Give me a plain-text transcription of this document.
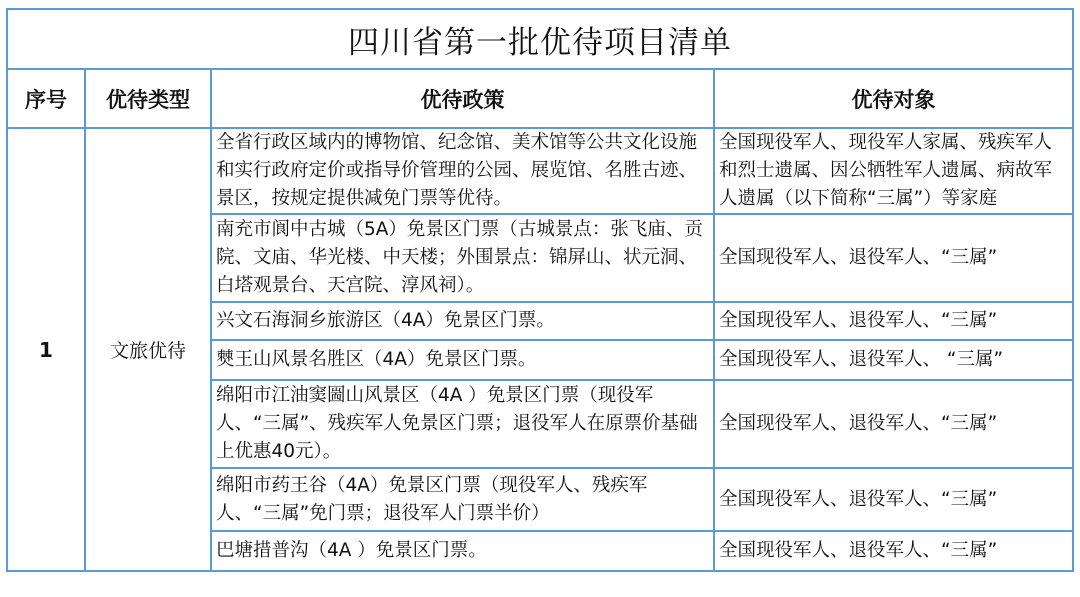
四川省第一批优待项目清单			
序号	优待类型	优待政策	优待对象
1	文旅优待	全省行政区域内的博物馆、纪念馆、美术馆等公共文化设施和实行政府定价或指导价管理的公园、展览馆、名胜古迹、景区，按规定提供减免门票等优待。	全国现役军人、现役军人家属、残疾军人和烈士遗属、因公牺牲军人遗属、病故军人遗属（以下简称“三属”）等家庭
		南充市阆中古城（5A）免景区门票（古城景点：张飞庙、贡院、文庙、华光楼、中天楼；外围景点：锦屏山、状元洞、白塔观景台、天宫院、淳风祠）。	全国现役军人、退役军人、“三属”
		兴文石海洞乡旅游区（4A）免景区门票。	全国现役军人、退役军人、“三属”
		僰王山风景名胜区（4A）免景区门票。	全国现役军人、退役军人、 “三属”
		绵阳市江油窦圌山风景区（4A ）免景区门票（现役军人、“三属”、残疾军人免景区门票；退役军人在原票价基础上优惠40元）。	全国现役军人、退役军人、“三属”
		绵阳市药王谷（4A）免景区门票（现役军人、残疾军人、“三属”免门票；退役军人门票半价）	全国现役军人、退役军人、“三属”
		巴塘措普沟（4A ）免景区门票。	全国现役军人、退役军人、“三属”
